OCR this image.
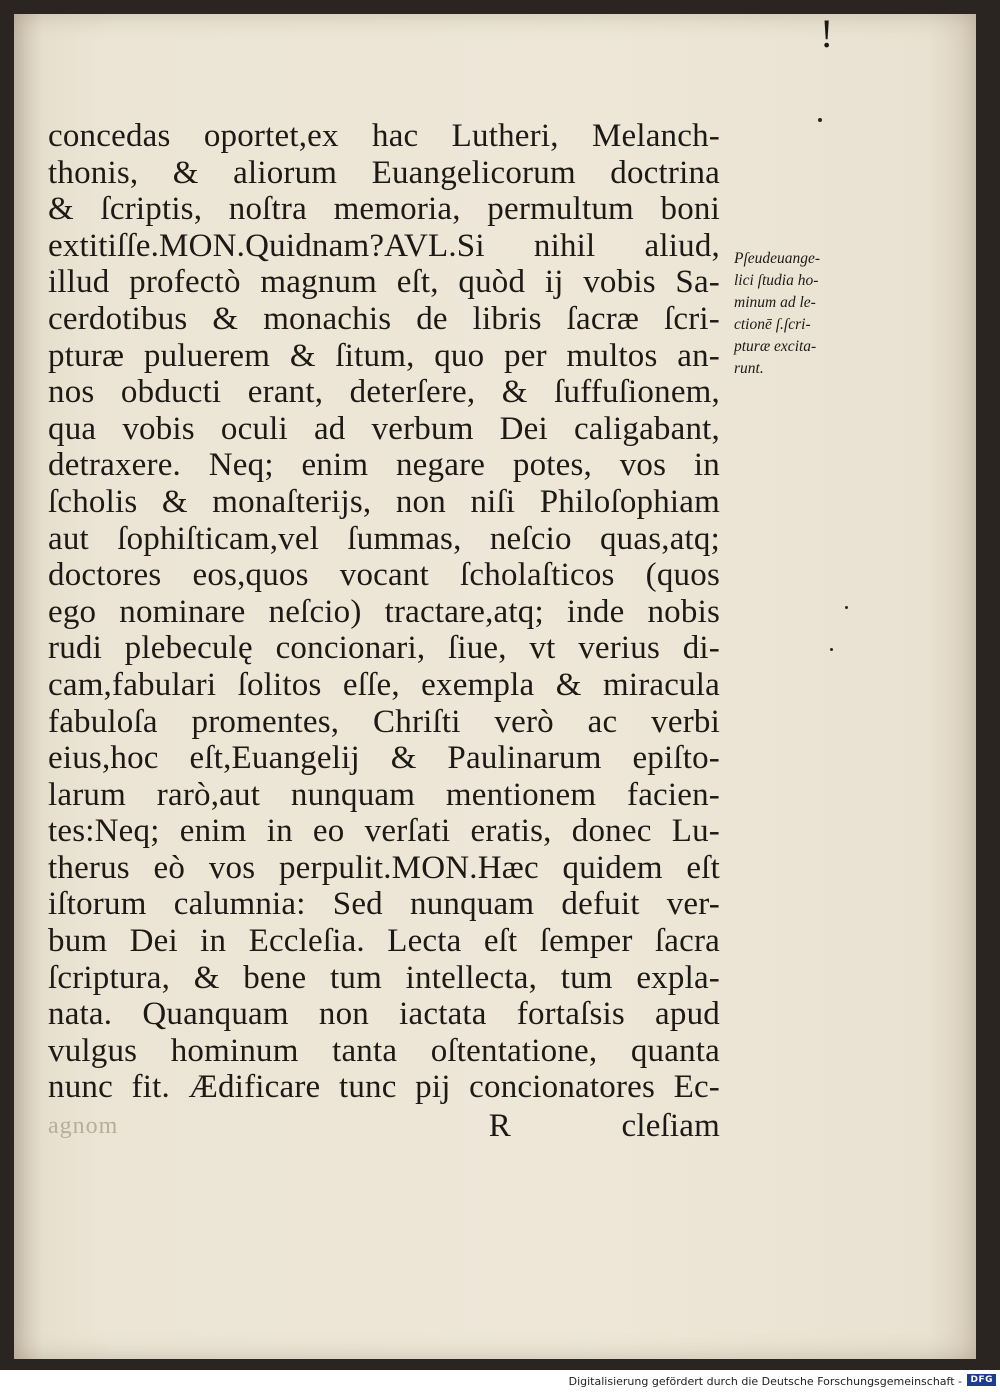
!
concedas oportet,ex hac Lutheri, Melanch-
thonis, & aliorum Euangelicorum doctrina
& ſcriptis, noſtra memoria, permultum boni
extitiſſe.MON.Quidnam?AVL.Si nihil aliud,
illud profectò magnum eſt, quòd ij vobis Sa-
cerdotibus & monachis de libris ſacræ ſcri-
pturæ puluerem & ſitum, quo per multos an-
nos obducti erant, deterſere, & ſuffuſionem,
qua vobis oculi ad verbum Dei caligabant,
detraxere. Neq; enim negare potes, vos in
ſcholis & monaſterijs, non niſi Philoſophiam
aut ſophiſticam,vel ſummas, neſcio quas,atq;
doctores eos,quos vocant ſcholaſticos (quos
ego nominare neſcio) tractare,atq; inde nobis
rudi plebeculę concionari, ſiue, vt verius di-
cam,fabulari ſolitos eſſe, exempla & miracula
fabuloſa promentes, Chriſti verò ac verbi
eius,hoc eſt,Euangelij & Paulinarum epiſto-
larum rarò,aut nunquam mentionem facien-
tes:Neq; enim in eo verſati eratis, donec Lu-
therus eò vos perpulit.MON.Hæc quidem eſt
iſtorum calumnia: Sed nunquam defuit ver-
bum Dei in Eccleſia. Lecta eſt ſemper ſacra
ſcriptura, & bene tum intellecta, tum expla-
nata. Quanquam non iactata fortaſsis apud
vulgus hominum tanta oſtentatione, quanta
nunc fit. Ædificare tunc pij concionatores Ec-
agnom	R	cleſiam
Pſeudeuange-
lici ſtudia ho-
minum ad le-
ctionē ſ.ſcri-
pturæ excita-
runt.
Digitalisierung gefördert durch die Deutsche Forschungsgemeinschaft - DFG
